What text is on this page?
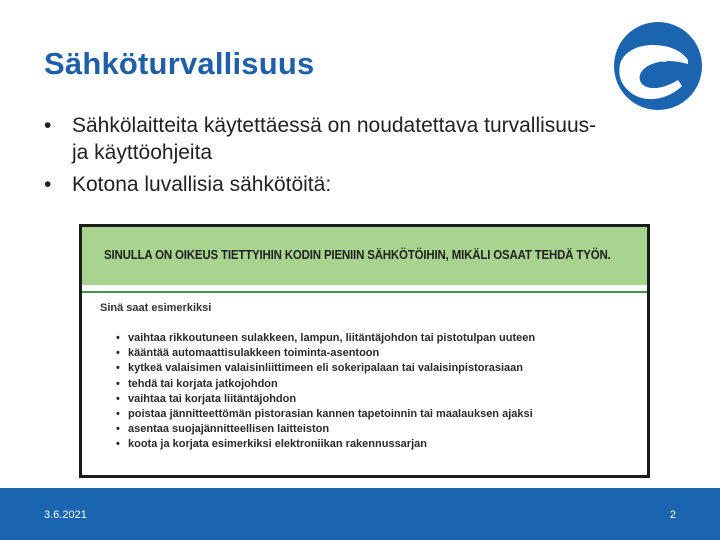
Sähköturvallisuus
• Sähkölaitteita käytettäessä on noudatettava turvallisuus- ja käyttöohjeita
• Kotona luvallisia sähkötöitä:
SINULLA ON OIKEUS TIETTYIHIN KODIN PIENIIN SÄHKÖTÖIHIN, MIKÄLI OSAAT TEHDÄ TYÖN.
Sinä saat esimerkiksi
• vaihtaa rikkoutuneen sulakkeen, lampun, liitäntäjohdon tai pistotulpan uuteen
• kääntää automaattisulakkeen toiminta-asentoon
• kytkeä valaisimen valaisinliittimeen eli sokeripalaan tai valaisinpistorasiaan
• tehdä tai korjata jatkojohdon
• vaihtaa tai korjata liitäntäjohdon
• poistaa jännitteettömän pistorasian kannen tapetoinnin tai maalauksen ajaksi
• asentaa suojajännitteellisen laitteiston
• koota ja korjata esimerkiksi elektroniikan rakennussarjan
3.6.2021	2
